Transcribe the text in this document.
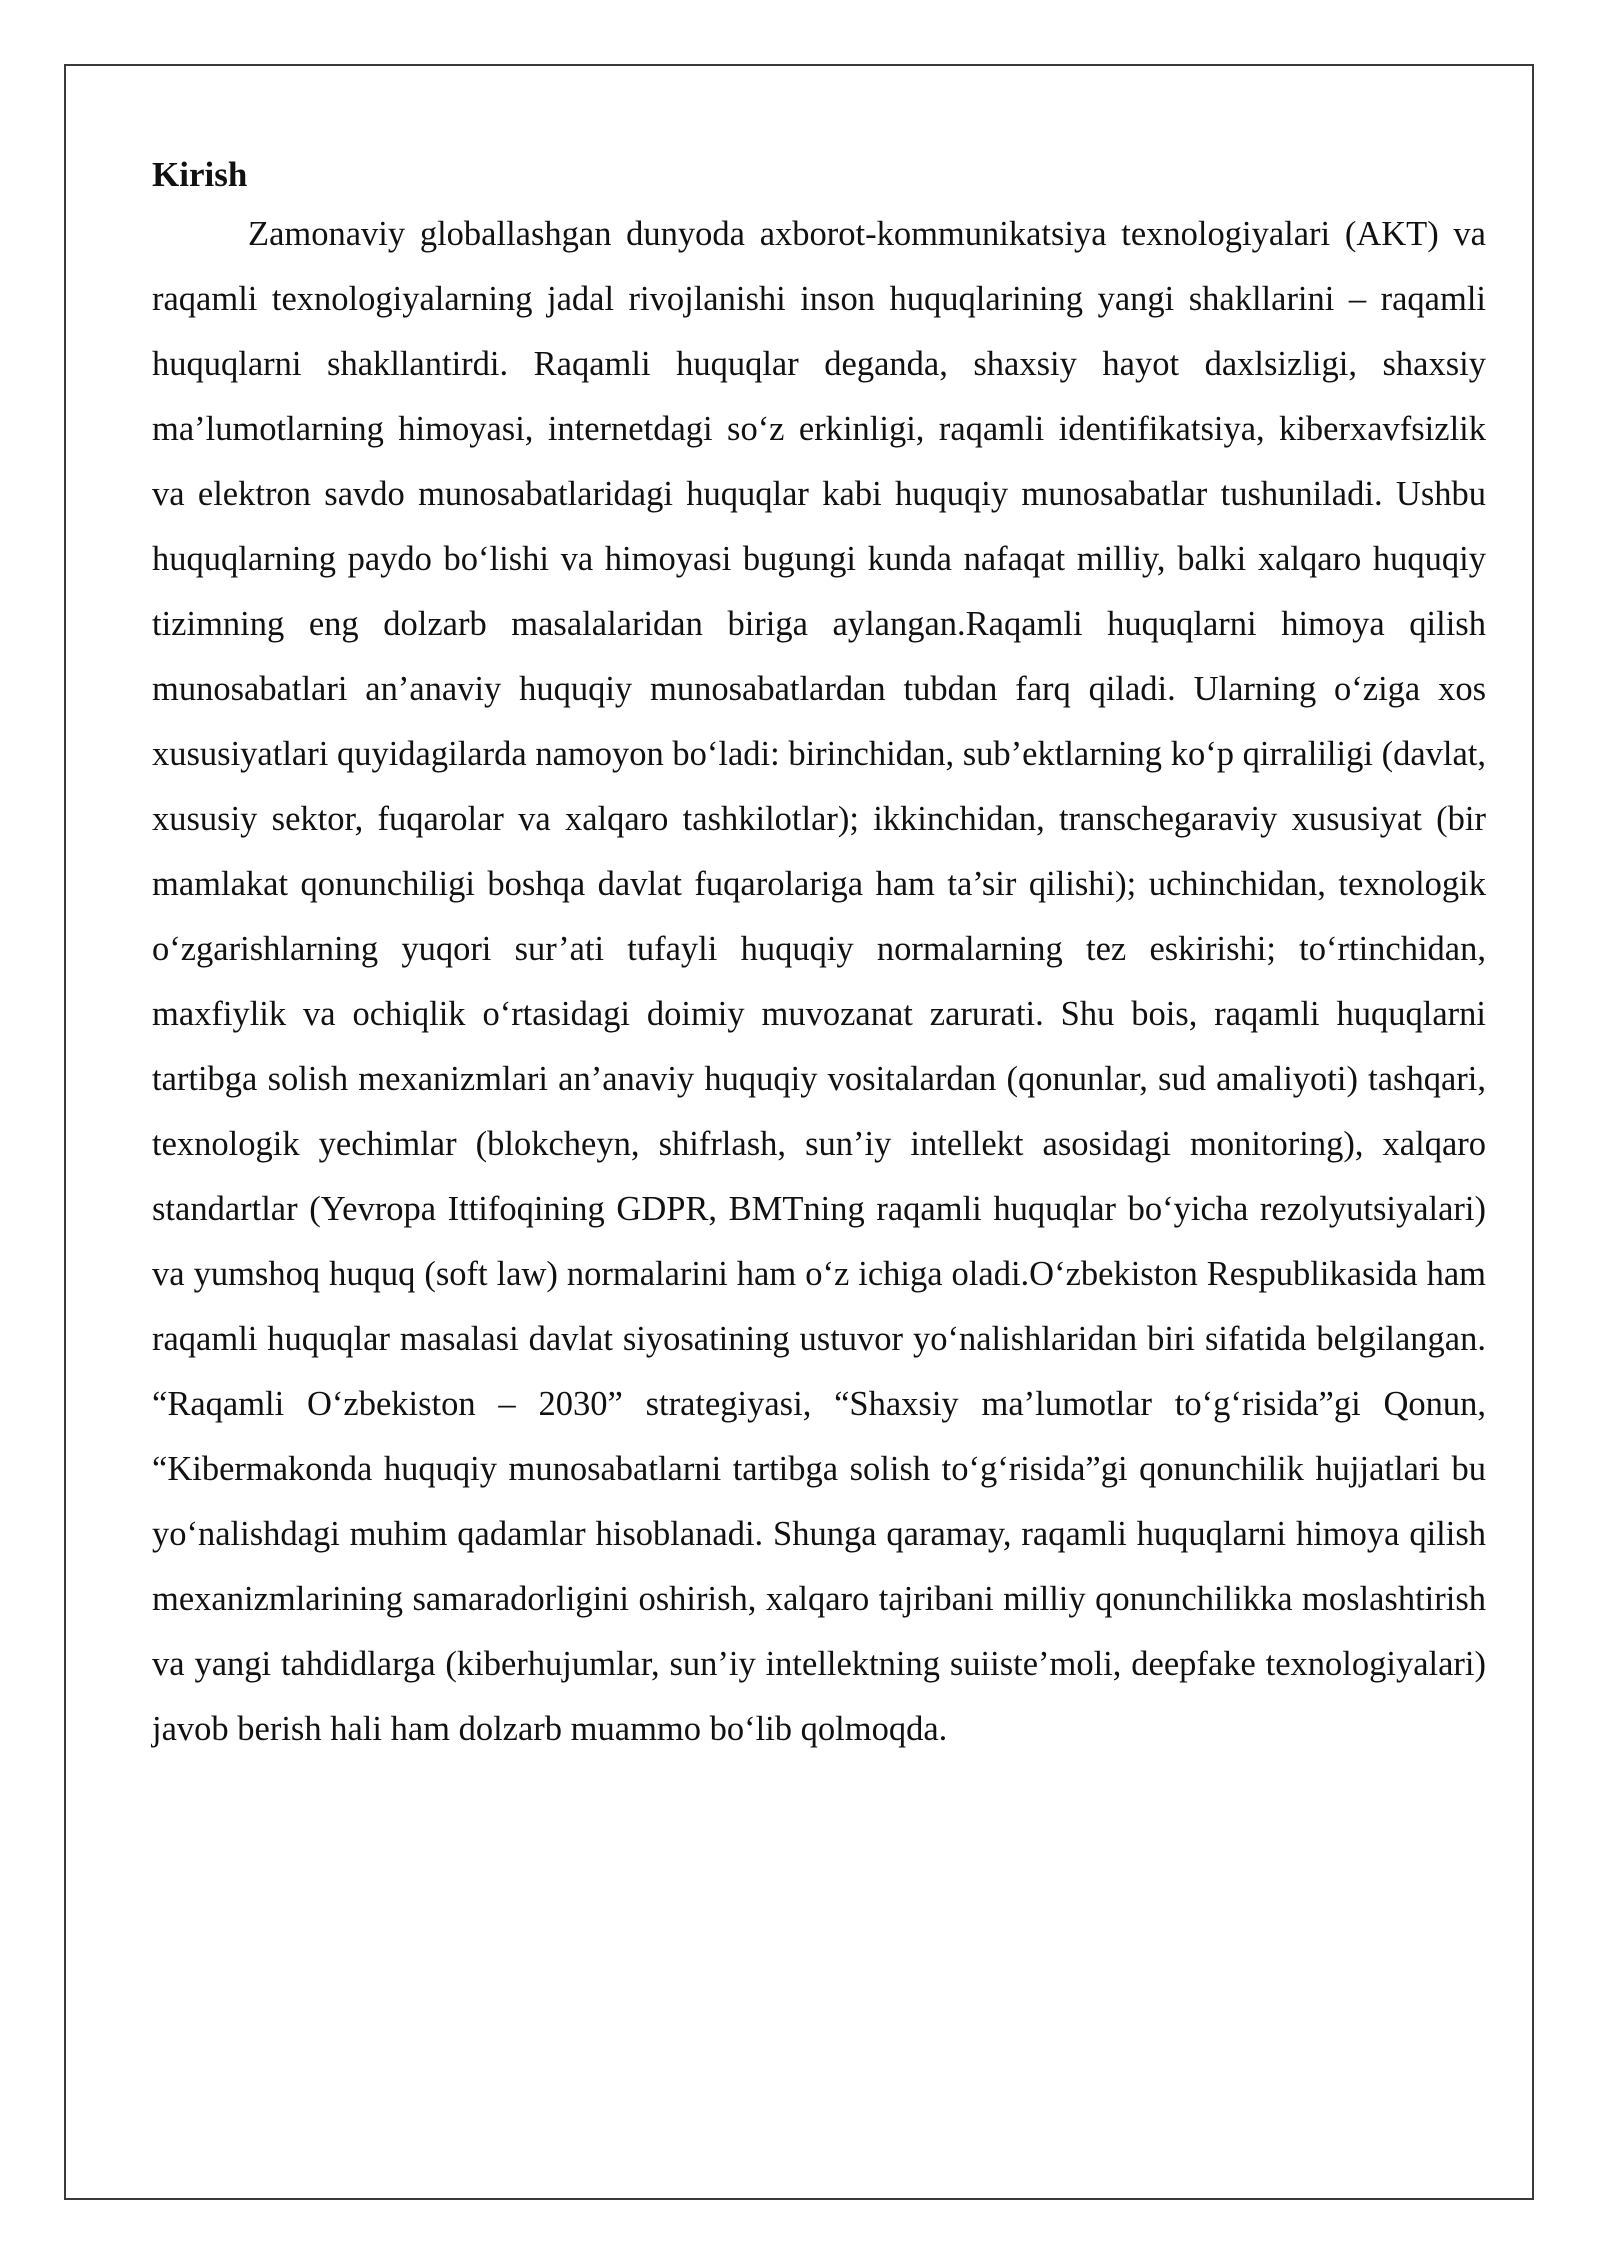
Kirish

Zamonaviy globallashgan dunyoda axborot-kommunikatsiya texnologiyalari (AKT) va raqamli texnologiyalarning jadal rivojlanishi inson huquqlarining yangi shakllarini – raqamli huquqlarni shakllantirdi. Raqamli huquqlar deganda, shaxsiy hayot daxlsizligi, shaxsiy ma’lumotlarning himoyasi, internetdagi so‘z erkinligi, raqamli identifikatsiya, kiberxavfsizlik va elektron savdo munosabatlaridagi huquqlar kabi huquqiy munosabatlar tushuniladi. Ushbu huquqlarning paydo bo‘lishi va himoyasi bugungi kunda nafaqat milliy, balki xalqaro huquqiy tizimning eng dolzarb masalalaridan biriga aylangan.Raqamli huquqlarni himoya qilish munosabatlari an’anaviy huquqiy munosabatlardan tubdan farq qiladi. Ularning o‘ziga xos xususiyatlari quyidagilarda namoyon bo‘ladi: birinchidan, sub’ektlarning ko‘p qirraliligi (davlat, xususiy sektor, fuqarolar va xalqaro tashkilotlar); ikkinchidan, transchegaraviy xususiyat (bir mamlakat qonunchiligi boshqa davlat fuqarolariga ham ta’sir qilishi); uchinchidan, texnologik o‘zgarishlarning yuqori sur’ati tufayli huquqiy normalarning tez eskirishi; to‘rtinchidan, maxfiylik va ochiqlik o‘rtasidagi doimiy muvozanat zarurati. Shu bois, raqamli huquqlarni tartibga solish mexanizmlari an’anaviy huquqiy vositalardan (qonunlar, sud amaliyoti) tashqari, texnologik yechimlar (blokcheyn, shifrlash, sun’iy intellekt asosidagi monitoring), xalqaro standartlar (Yevropa Ittifoqining GDPR, BMTning raqamli huquqlar bo‘yicha rezolyutsiyalari) va yumshoq huquq (soft law) normalarini ham o‘z ichiga oladi.O‘zbekiston Respublikasida ham raqamli huquqlar masalasi davlat siyosatining ustuvor yo‘nalishlaridan biri sifatida belgilangan. “Raqamli O‘zbekiston – 2030” strategiyasi, “Shaxsiy ma’lumotlar to‘g‘risida”gi Qonun, “Kibermakonda huquqiy munosabatlarni tartibga solish to‘g‘risida”gi qonunchilik hujjatlari bu yo‘nalishdagi muhim qadamlar hisoblanadi. Shunga qaramay, raqamli huquqlarni himoya qilish mexanizmlarining samaradorligini oshirish, xalqaro tajribani milliy qonunchilikka moslashtirish va yangi tahdidlarga (kiberhujumlar, sun’iy intellektning suiiste’moli, deepfake texnologiyalari) javob berish hali ham dolzarb muammo bo‘lib qolmoqda.
